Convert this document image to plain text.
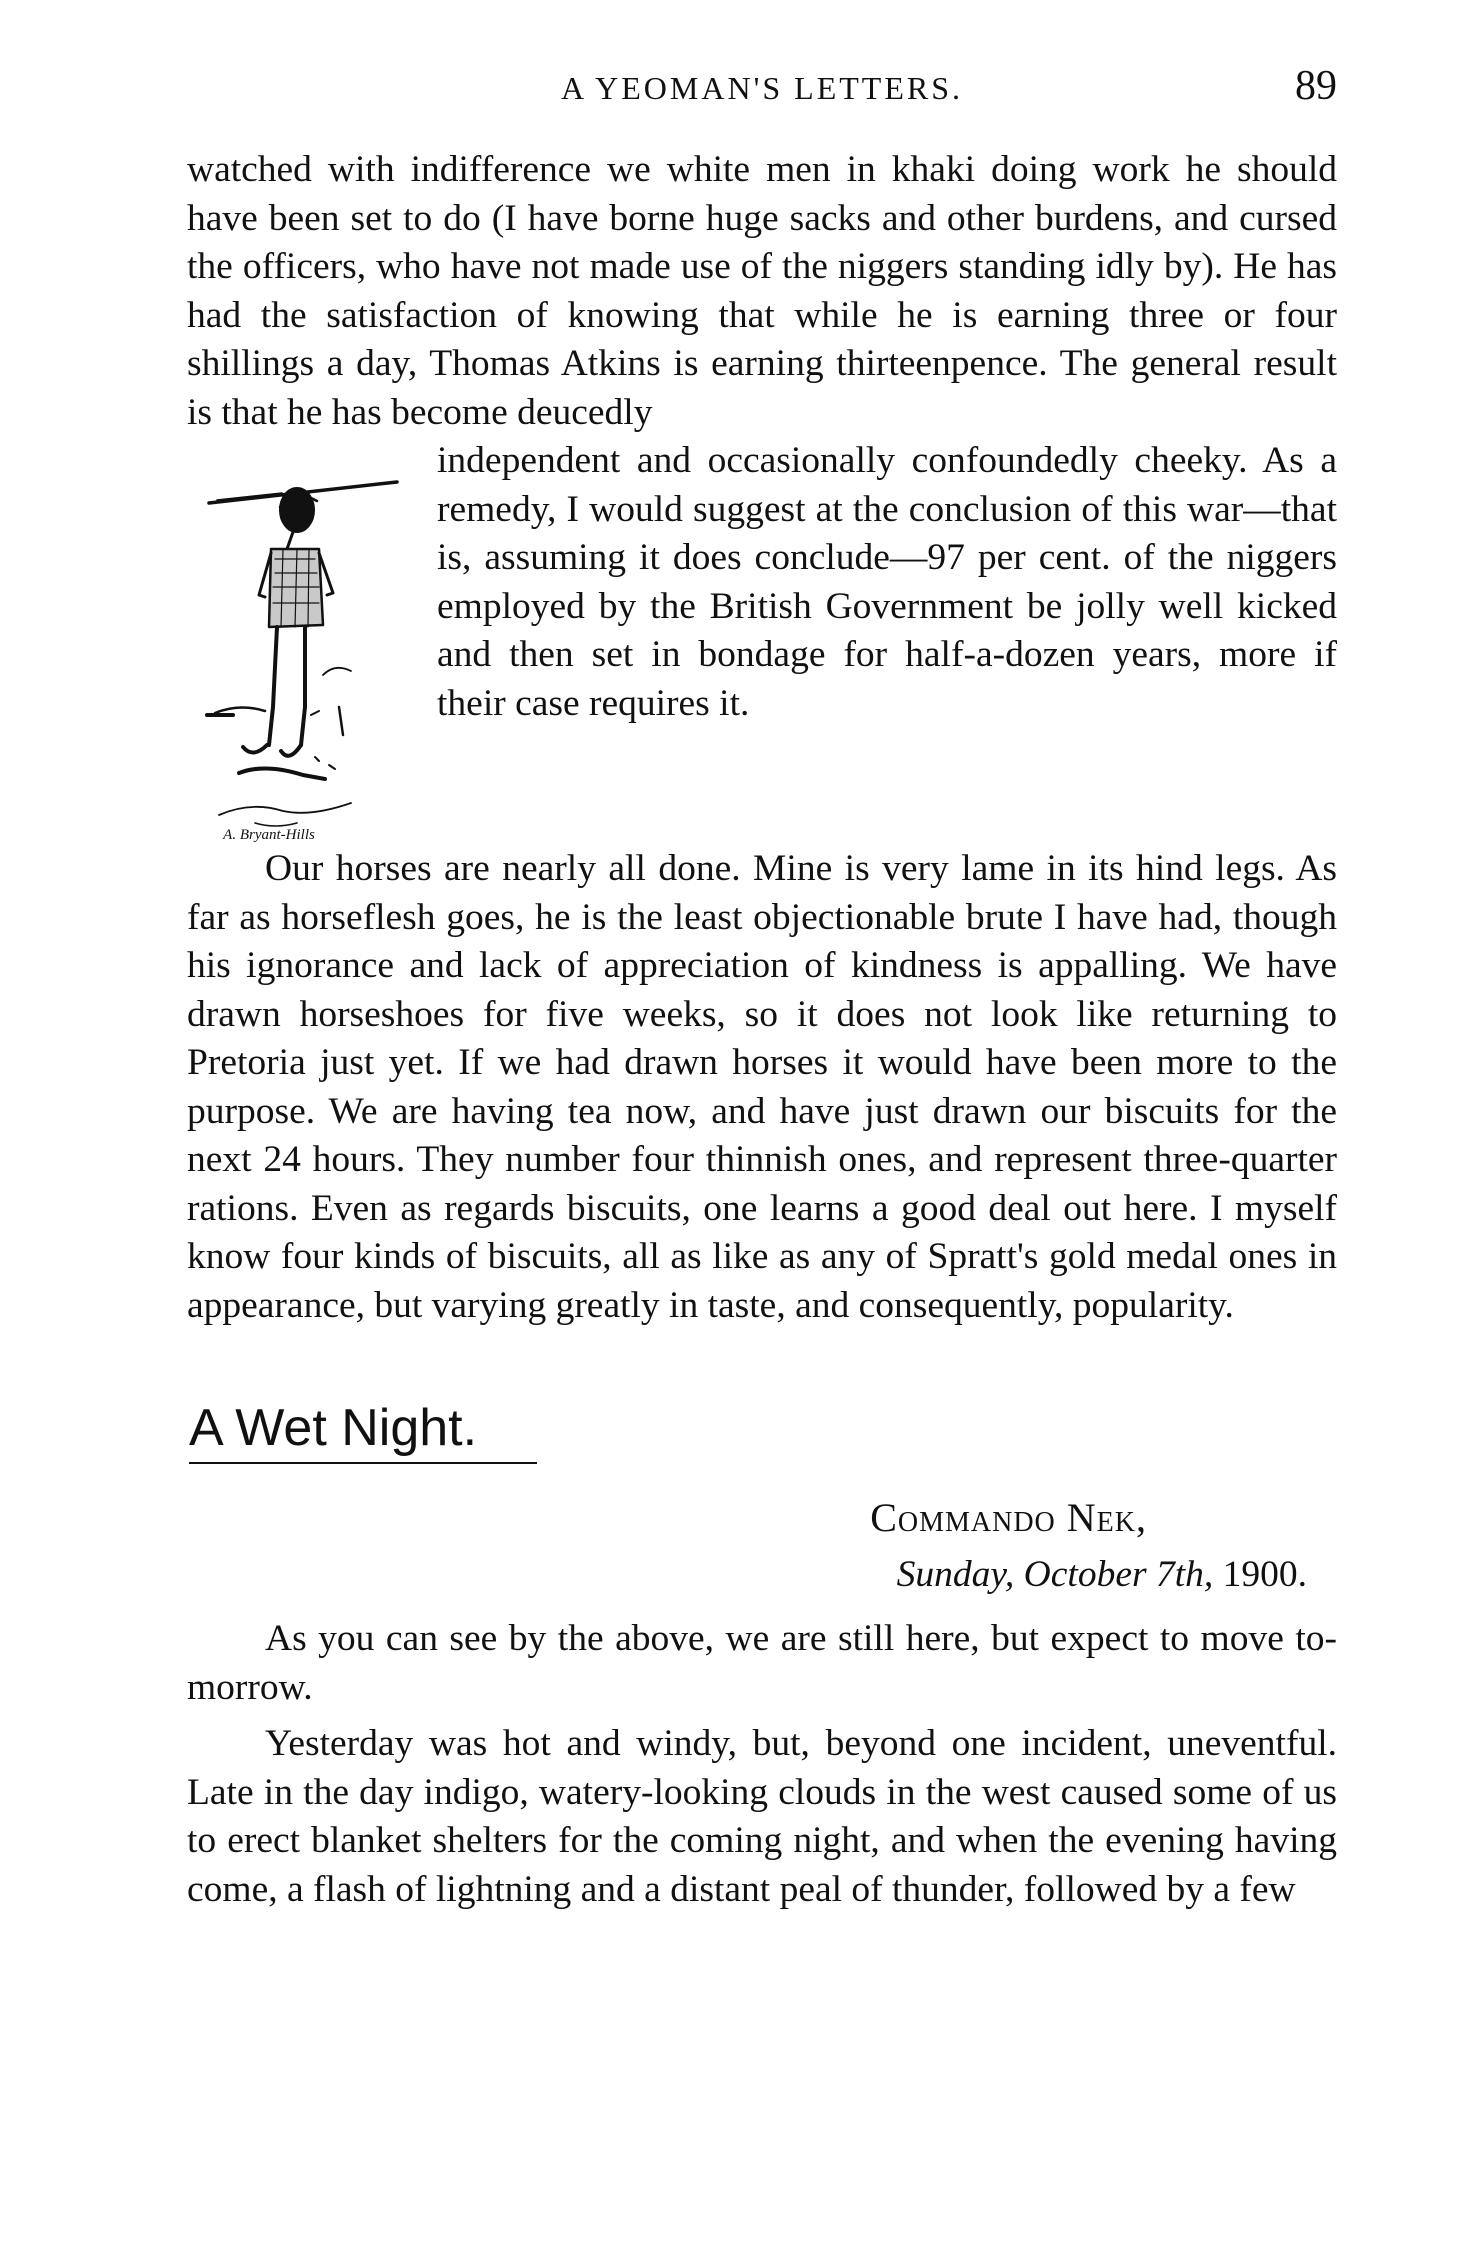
A YEOMAN'S LETTERS.	89

watched with indifference we white men in khaki doing work he should have been set to do (I have borne huge sacks and other burdens, and cursed the officers, who have not made use of the niggers standing idly by). He has had the satisfaction of knowing that while he is earning three or four shillings a day, Thomas Atkins is earning thirteenpence. The general result is that he has become deucedly

A. Bryant-Hills

independent and occasionally confoundedly cheeky. As a remedy, I would suggest at the conclusion of this war—that is, assuming it does conclude—97 per cent. of the niggers employed by the British Government be jolly well kicked and then set in bondage for half-a-dozen years, more if their case requires it.

Our horses are nearly all done. Mine is very lame in its hind legs. As far as horseflesh goes, he is the least objectionable brute I have had, though his ignorance and lack of appreciation of kindness is appalling. We have drawn horseshoes for five weeks, so it does not look like returning to Pretoria just yet. If we had drawn horses it would have been more to the purpose. We are having tea now, and have just drawn our biscuits for the next 24 hours. They number four thinnish ones, and represent three-quarter rations. Even as regards biscuits, one learns a good deal out here. I myself know four kinds of biscuits, all as like as any of Spratt's gold medal ones in appearance, but varying greatly in taste, and consequently, popularity.

A Wet Night.
Commando Nek,
Sunday, October 7th, 1900.

As you can see by the above, we are still here, but expect to move to-morrow.

Yesterday was hot and windy, but, beyond one incident, uneventful. Late in the day indigo, watery-looking clouds in the west caused some of us to erect blanket shelters for the coming night, and when the evening having come, a flash of lightning and a distant peal of thunder, followed by a few
